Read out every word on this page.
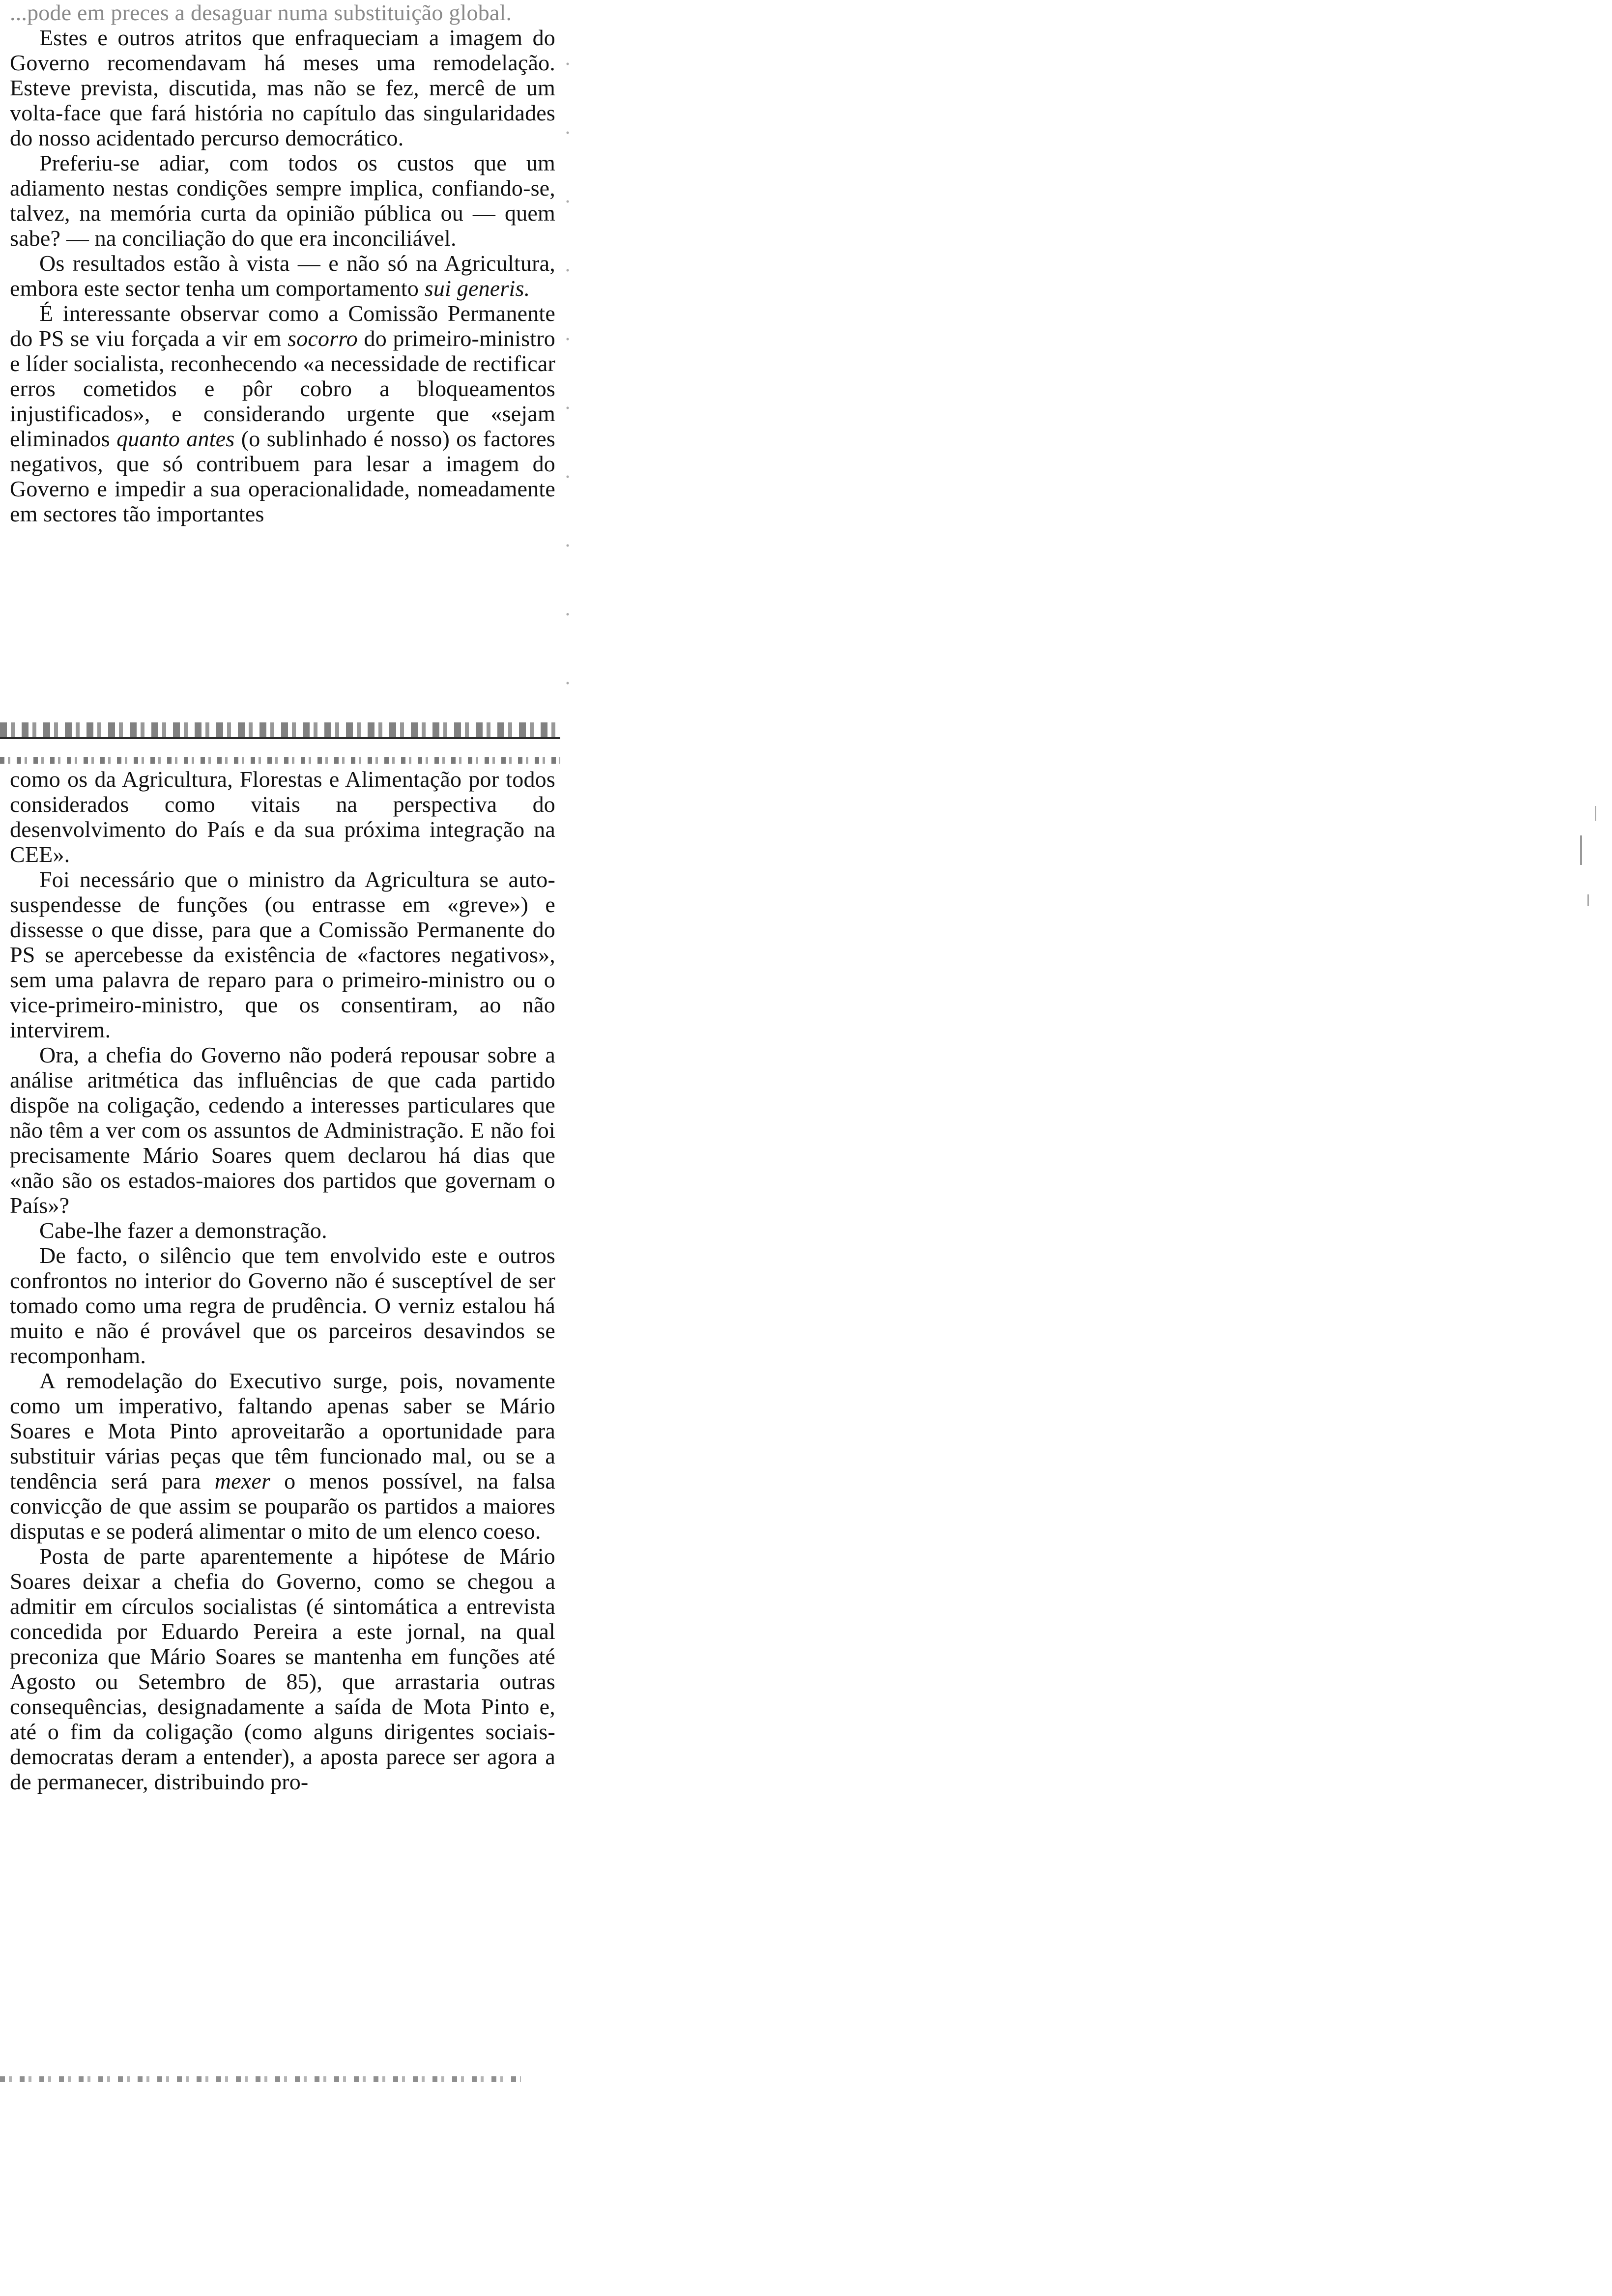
...pode em preces a desaguar numa substituição global.

Estes e outros atritos que enfraqueciam a imagem do Governo recomendavam há meses uma remodelação. Esteve prevista, discutida, mas não se fez, mercê de um volta-face que fará história no capítulo das singularidades do nosso acidentado percurso democrático.

Preferiu-se adiar, com todos os custos que um adiamento nestas condições sempre implica, confiando-se, talvez, na memória curta da opinião pública ou — quem sabe? — na conciliação do que era inconciliável.

Os resultados estão à vista — e não só na Agricultura, embora este sector tenha um comportamento sui generis.

É interessante observar como a Comissão Permanente do PS se viu forçada a vir em socorro do primeiro-ministro e líder socialista, reconhecendo «a necessidade de rectificar erros cometidos e pôr cobro a bloqueamentos injustificados», e considerando urgente que «sejam eliminados quanto antes (o sublinhado é nosso) os factores negativos, que só contribuem para lesar a imagem do Governo e impedir a sua operacionalidade, nomeadamente em sectores tão importantes

como os da Agricultura, Florestas e Alimentação por todos considerados como vitais na perspectiva do desenvolvimento do País e da sua próxima integração na CEE».

Foi necessário que o ministro da Agricultura se auto-suspendesse de funções (ou entrasse em «greve») e dissesse o que disse, para que a Comissão Permanente do PS se apercebesse da existência de «factores negativos», sem uma palavra de reparo para o primeiro-ministro ou o vice-primeiro-ministro, que os consentiram, ao não intervirem.

Ora, a chefia do Governo não poderá repousar sobre a análise aritmética das influências de que cada partido dispõe na coligação, cedendo a interesses particulares que não têm a ver com os assuntos de Administração. E não foi precisamente Mário Soares quem declarou há dias que «não são os estados-maiores dos partidos que governam o País»?

Cabe-lhe fazer a demonstração.

De facto, o silêncio que tem envolvido este e outros confrontos no interior do Governo não é susceptível de ser tomado como uma regra de prudência. O verniz estalou há muito e não é provável que os parceiros desavindos se recomponham.

A remodelação do Executivo surge, pois, novamente como um imperativo, faltando apenas saber se Mário Soares e Mota Pinto aproveitarão a oportunidade para substituir várias peças que têm funcionado mal, ou se a tendência será para mexer o menos possível, na falsa convicção de que assim se pouparão os partidos a maiores disputas e se poderá alimentar o mito de um elenco coeso.

Posta de parte aparentemente a hipótese de Mário Soares deixar a chefia do Governo, como se chegou a admitir em círculos socialistas (é sintomática a entrevista concedida por Eduardo Pereira a este jornal, na qual preconiza que Mário Soares se mantenha em funções até Agosto ou Setembro de 85), que arrastaria outras consequências, designadamente a saída de Mota Pinto e, até o fim da coligação (como alguns dirigentes sociais-democratas deram a entender), a aposta parece ser agora a de permanecer, distribuindo pro-
